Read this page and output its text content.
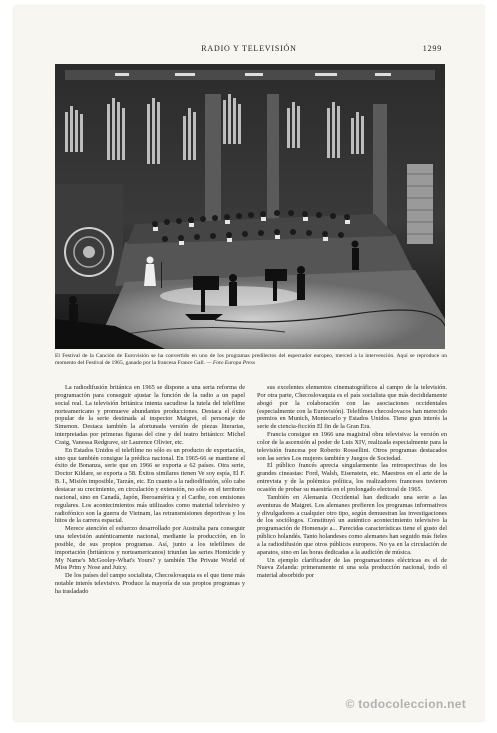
RADIO Y TELEVISIÓN	1299
El Festival de la Canción de Eurovisión se ha convertido en uno de los programas predilectos del espectador europeo, merced a la intervención. Aquí se reproduce un momento del Festival de 1965, ganado por la francesa France Gall. — Foto Europa Press

La radiodifusión británica en 1965 se dispone a una seria reforma de programación para conseguir ajustar la función de la radio a un papel social real. La televisión británica intenta sacudirse la tutela del telefilme norteamericano y promueve abundantes producciones. Destaca el éxito popular de la serie destinada al inspector Maigret, el personaje de Simenon. Destaca también la afortunada versión de piezas literarias, interpretadas por primeras figuras del cine y del teatro británico: Michel Craig, Vanessa Redgrave, sir Laurence Olivier, etc.

En Estados Unidos el telefilme no sólo es un producto de exportación, sino que también consigue la prédica nacional. En 1965-66 se mantiene el éxito de Bonanza, serie que en 1966 se exporta a 62 países. Otra serie, Doctor Kildare, se exporta a 58. Éxitos similares tienen Ve soy espía, El F. B. I., Misión imposible, Tarzán, etc. En cuanto a la radiodifusión, sólo cabe destacar su crecimiento, en circulación y extensión, no sólo en el territorio nacional, sino en Canadá, Japón, Iberoamérica y el Caribe, con emisiones regulares. Los acontecimientos más utilizados como material televisivo y radiofónico son la guerra de Vietnam, las retransmisiones deportivas y los hitos de la carrera espacial.

Merece atención el esfuerzo desarrollado por Australia para conseguir una televisión auténticamente nacional, mediante la producción, en lo posible, de sus propios programas. Así, junto a los telefilmes de importación (británicos y norteamericanos) triunfan las series Homicide y My Name's McGooley-What's Yours? y también The Private World of Miss Prim y Nose and Juicy.

De los países del campo socialista, Checoslovaquia es el que tiene más notable interés televisivo. Produce la mayoría de sus propios programas y ha trasladado

sus excelentes elementos cinematográficos al campo de la televisión. Por otra parte, Checoslovaquia es el país socialista que más decididamente abogó por la colaboración con las asociaciones occidentales (especialmente con la Eurovisión). Telefilmes checoslovacos han merecido premios en Munich, Montecarlo y Estados Unidos. Tiene gran interés la serie de ciencia-ficción El fin de la Gran Era.

Francia consigue en 1966 una magistral obra televisiva: la versión en color de la ascensión al poder de Luis XIV, realizada especialmente para la televisión francesa por Roberto Rossellini. Otros programas destacados son las series Los mujeres también y Juegos de Sociedad.

El público francés aprecia singularmente las retrospectivas de los grandes cineastas: Ford, Walsh, Eisenstein, etc. Maestros en el arte de la entrevista y de la polémica política, los realizadores franceses tuvieron ocasión de probar su maestría en el prolongado electoral de 1965.

También en Alemania Occidental han dedicado una serie a las aventuras de Maigret. Los alemanes prefieren los programas informativos y divulgadores a cualquier otro tipo, según demuestran las investigaciones de los sociólogos. Constituyó un auténtico acontecimiento televisivo la programación de Homenaje a... Parecidas características tiene el gusto del público holandés. Tanto holandeses como alemanes han seguido más fieles a la radiodifusión que otros públicos europeos. No ya en la circulación de aparatos, sino en las horas dedicadas a la audición de música.

Un ejemplo clarificador de las programaciones eléctricas es el de Nueva Zelanda: primeramente ni una sola producción nacional, todo el material absorbido por

© todocoleccion.net
